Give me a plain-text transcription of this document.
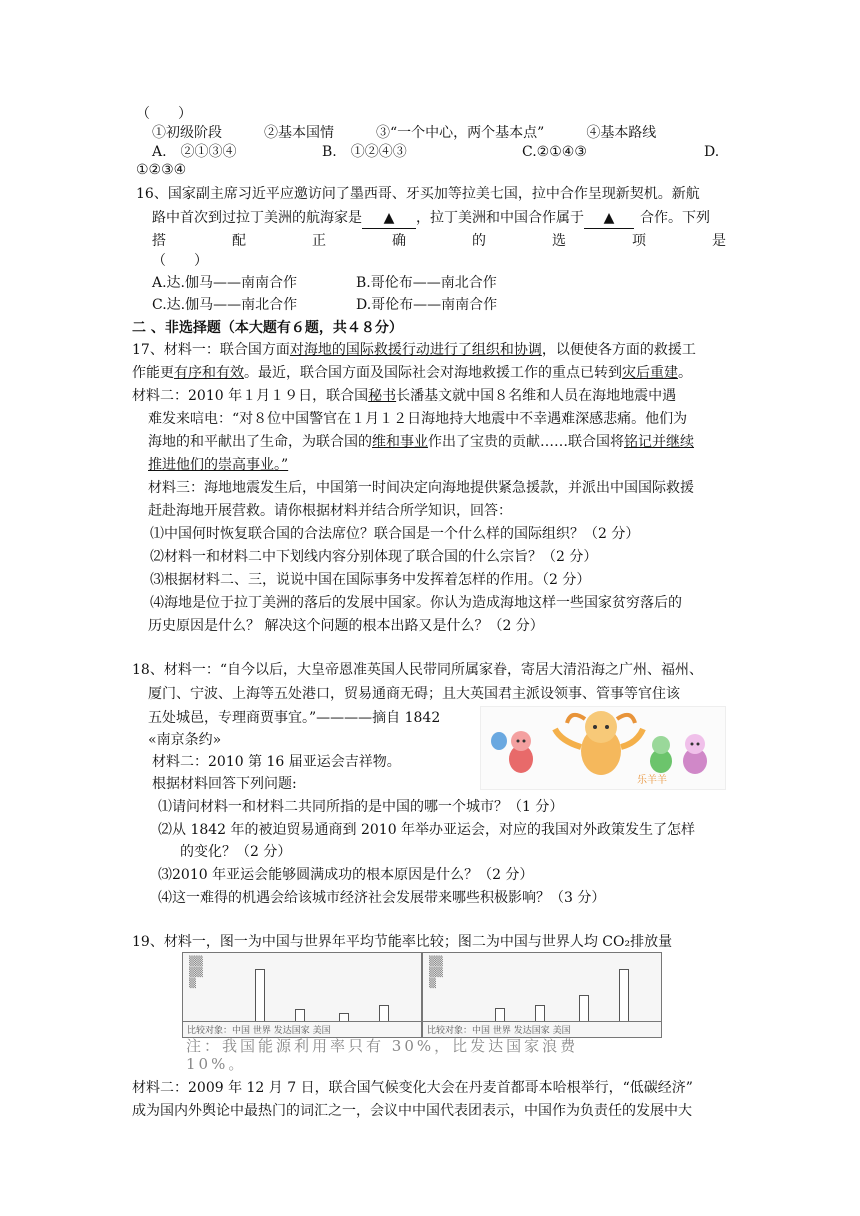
（　　）
①初级阶段　　　②基本国情　　　③“一个中心，两个基本点”　　　④基本路线
A.　②①③④	B.　①②④③	C.②①④③	D.
①②③④
16、国家副主席习近平应邀访问了墨西哥、牙买加等拉美七国，拉中合作呈现新契机。新航
路中首次到过拉丁美洲的航海家是 ▲ ，拉丁美洲和中国合作属于 ▲ 合作。下列
搭	配	正	确	的	选	项	是
（　　）
A.达.伽马——南南合作	B.哥伦布——南北合作
C.达.伽马——南北合作	D.哥伦布——南南合作
二 、非选择题（本大题有６题，共４８分）
17、材料一：联合国方面对海地的国际救援行动进行了组织和协调，以便使各方面的救援工
作能更有序和有效。最近，联合国方面及国际社会对海地救援工作的重点已转到灾后重建。
材料二：2010 年１月１９日，联合国秘书长潘基文就中国８名维和人员在海地地震中遇
难发来唁电：“对８位中国警官在１月１２日海地持大地震中不幸遇难深感悲痛。他们为
海地的和平献出了生命，为联合国的维和事业作出了宝贵的贡献……联合国将铭记并继续
推进他们的崇高事业。”
材料三：海地地震发生后，中国第一时间决定向海地提供紧急援款，并派出中国国际救援
赶赴海地开展营救。请你根据材料并结合所学知识，回答：
⑴中国何时恢复联合国的合法席位？联合国是一个什么样的国际组织？（2 分）
⑵材料一和材料二中下划线内容分别体现了联合国的什么宗旨？（2 分）
⑶根据材料二、三，说说中国在国际事务中发挥着怎样的作用。（2 分）
⑷海地是位于拉丁美洲的落后的发展中国家。你认为造成海地这样一些国家贫穷落后的
历史原因是什么？ 解决这个问题的根本出路又是什么？（2 分）
18、材料一：“自今以后，大皇帝恩准英国人民带同所属家眷，寄居大清沿海之广州、福州、
厦门、宁波、上海等五处港口，贸易通商无碍；且大英国君主派设领事、管事等官住该
五处城邑，专理商贾事宜。”————摘自 1842
«南京条约»
材料二：2010 第 16 届亚运会吉祥物。
乐羊羊
根据材料回答下列问题:
⑴请问材料一和材料二共同所指的是中国的哪一个城市？（1 分）
⑵从 1842 年的被迫贸易通商到 2010 年举办亚运会，对应的我国对外政策发生了怎样
的变化？（2 分）
⑶2010 年亚运会能够圆满成功的根本原因是什么？（2 分）
⑷这一难得的机遇会给该城市经济社会发展带来哪些积极影响？（3 分）
19、材料一，图一为中国与世界年平均节能率比较；图二为中国与世界人均 CO₂排放量
▒▒▒▒▒
比较对象：中国 世界 发达国家 美国
▒▒▒▒▒
比较对象：中国 世界 发达国家 美国
注：我国能源利用率只有 30%，比发达国家浪费
10%。
材料二：2009 年 12 月 7 日，联合国气候变化大会在丹麦首都哥本哈根举行，“低碳经济”
成为国内外舆论中最热门的词汇之一，会议中中国代表团表示，中国作为负责任的发展中大
